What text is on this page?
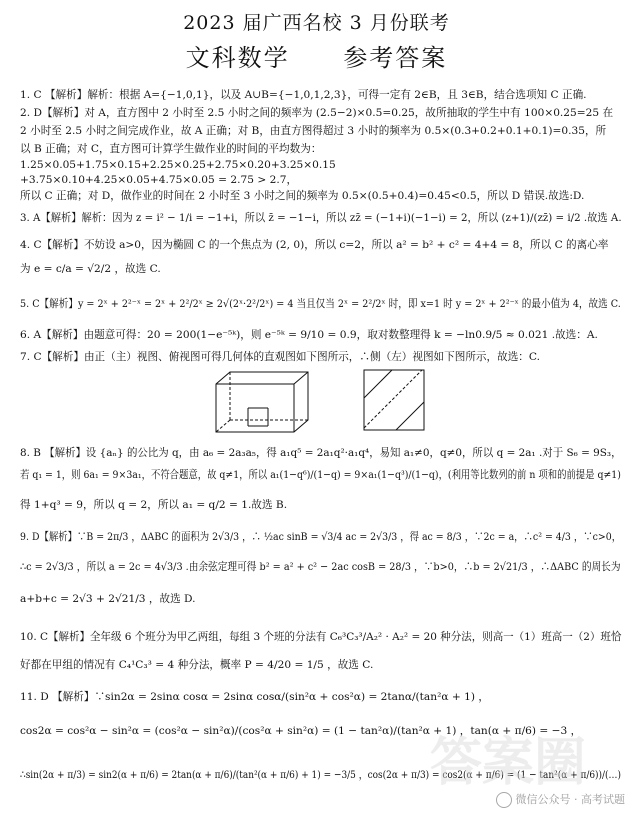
2023 届广西名校 3 月份联考
文科数学 参考答案
1. C 【解析】解析：根据 A={−1,0,1}，以及 A∪B={−1,0,1,2,3}，可得一定有 2∈B，且 3∈B，结合选项知 C 正确.
2. D【解析】对 A，直方图中 2 小时至 2.5 小时之间的频率为 (2.5−2)×0.5=0.25，故所抽取的学生中有 100×0.25=25 在
2 小时至 2.5 小时之间完成作业，故 A 正确；对 B，由直方图得超过 3 小时的频率为 0.5×(0.3+0.2+0.1+0.1)=0.35，所
以 B 正确；对 C，直方图可计算学生做作业的时间的平均数为：
1.25×0.05+1.75×0.15+2.25×0.25+2.75×0.20+3.25×0.15
+3.75×0.10+4.25×0.05+4.75×0.05 = 2.75 > 2.7，
所以 C 正确；对 D，做作业的时间在 2 小时至 3 小时之间的频率为 0.5×(0.5+0.4)=0.45<0.5，所以 D 错误.故选:D.
3. A【解析】解析：因为 z = i² − 1/i = −1+i，所以 z̄ = −1−i，所以 zz̄ = (−1+i)(−1−i) = 2，所以 (z+1)/(zz̄) = i/2 .故选 A.
4. C【解析】不妨设 a>0，因为椭圆 C 的一个焦点为 (2, 0)，所以 c=2，所以 a² = b² + c² = 4+4 = 8，所以 C 的离心率
为 e = c/a = √2/2 ，故选 C.
5. C【解析】y = 2ˣ + 2²⁻ˣ = 2ˣ + 2²/2ˣ ≥ 2√(2ˣ·2²/2ˣ) = 4 当且仅当 2ˣ = 2²/2ˣ 时，即 x=1 时 y = 2ˣ + 2²⁻ˣ 的最小值为 4，故选 C.
6. A【解析】由题意可得：20 = 200(1−e⁻⁵ᵏ)，则 e⁻⁵ᵏ = 9/10 = 0.9，取对数整理得 k = −ln0.9/5 ≈ 0.021 .故选：A.
7. C【解析】由正（主）视图、俯视图可得几何体的直观图如下图所示，∴侧（左）视图如下图所示，故选：C.
8. B 【解析】设 {aₙ} 的公比为 q，由 a₆ = 2a₃a₅，得 a₁q⁵ = 2a₁q²·a₁q⁴，易知 a₁≠0，q≠0，所以 q = 2a₁ .对于 S₆ = 9S₃，
若 q₁ = 1，则 6a₁ = 9×3a₁，不符合题意，故 q≠1，所以 a₁(1−q⁶)/(1−q) = 9×a₁(1−q³)/(1−q)，(利用等比数列的前 n 项和的前提是 q≠1)
得 1+q³ = 9，所以 q = 2，所以 a₁ = q/2 = 1.故选 B.
9. D【解析】∵B = 2π/3 ，ΔABC 的面积为 2√3/3 ，∴ ½ac sinB = √3/4 ac = 2√3/3 ，得 ac = 8/3 ，∵2c = a，∴c² = 4/3 ，∵c>0，
∴c = 2√3/3 ，所以 a = 2c = 4√3/3 .由余弦定理可得 b² = a² + c² − 2ac cosB = 28/3 ，∵b>0，∴b = 2√21/3 ，∴ΔABC 的周长为
a+b+c = 2√3 + 2√21/3 ，故选 D.
10. C【解析】全年级 6 个班分为甲乙两组，每组 3 个班的分法有 C₆³C₃³/A₂² · A₂² = 20 种分法，则高一（1）班高一（2）班恰
好都在甲组的情况有 C₄¹C₃³ = 4 种分法，概率 P = 4/20 = 1/5 ，故选 C.
11. D 【解析】∵sin2α = 2sinα cosα = 2sinα cosα/(sin²α + cos²α) = 2tanα/(tan²α + 1) ，
cos2α = cos²α − sin²α = (cos²α − sin²α)/(cos²α + sin²α) = (1 − tan²α)/(tan²α + 1) ，tan(α + π/6) = −3 ，
∴sin(2α + π/3) = sin2(α + π/6) = 2tan(α + π/6)/(tan²(α + π/6) + 1) = −3/5 ，cos(2α + π/3) = cos2(α + π/6) = (1 − tan²(α + π/6))/(…)
答案圈
微信公众号 · 高考试题
